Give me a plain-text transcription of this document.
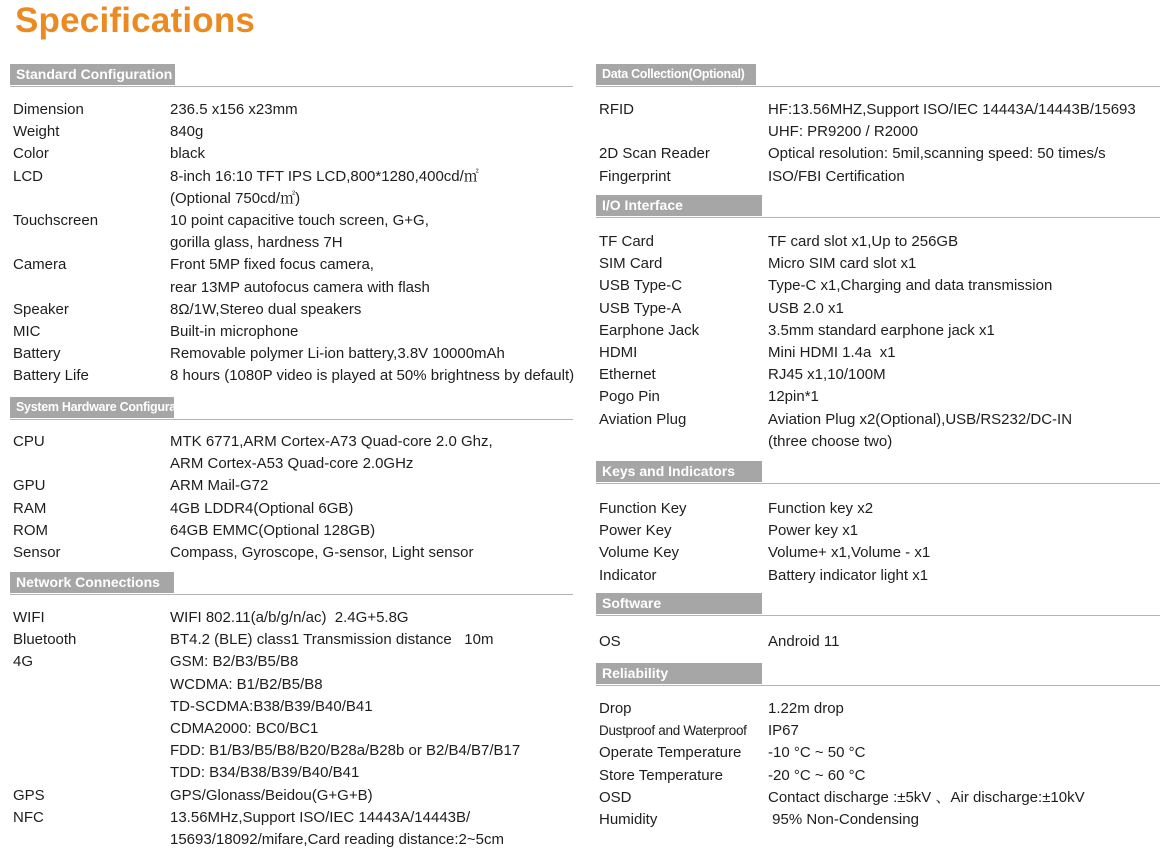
Specifications
Standard Configuration
Dimension	236.5 x156 x23mm
Weight	840g
Color	black
LCD	8-inch 16:10 TFT IPS LCD,800*1280,400cd/㎡
(Optional 750cd/㎡)
Touchscreen	10 point capacitive touch screen, G+G,
gorilla glass, hardness 7H
Camera	Front 5MP fixed focus camera,
rear 13MP autofocus camera with flash
Speaker	8Ω/1W,Stereo dual speakers
MIC	Built-in microphone
Battery	Removable polymer Li-ion battery,3.8V 10000mAh
Battery Life	8 hours (1080P video is played at 50% brightness by default)
System Hardware Configuration
CPU	MTK 6771,ARM Cortex-A73 Quad-core 2.0 Ghz,
ARM Cortex-A53 Quad-core 2.0GHz
GPU	ARM Mail-G72
RAM	4GB LDDR4(Optional 6GB)
ROM	64GB EMMC(Optional 128GB)
Sensor	Compass, Gyroscope, G-sensor, Light sensor
Network Connections
WIFI	WIFI 802.11(a/b/g/n/ac)  2.4G+5.8G
Bluetooth	BT4.2 (BLE) class1 Transmission distance   10m
4G	GSM: B2/B3/B5/B8
WCDMA: B1/B2/B5/B8
TD-SCDMA:B38/B39/B40/B41
CDMA2000: BC0/BC1
FDD: B1/B3/B5/B8/B20/B28a/B28b or B2/B4/B7/B17
TDD: B34/B38/B39/B40/B41
GPS	GPS/Glonass/Beidou(G+G+B)
NFC	13.56MHz,Support ISO/IEC 14443A/14443B/
15693/18092/mifare,Card reading distance:2~5cm
Data Collection(Optional)
RFID	HF:13.56MHZ,Support ISO/IEC 14443A/14443B/15693
UHF: PR9200 / R2000
2D Scan Reader	Optical resolution: 5mil,scanning speed: 50 times/s
Fingerprint	ISO/FBI Certification
I/O Interface
TF Card	TF card slot x1,Up to 256GB
SIM Card	Micro SIM card slot x1
USB Type-C	Type-C x1,Charging and data transmission
USB Type-A	USB 2.0 x1
Earphone Jack	3.5mm standard earphone jack x1
HDMI	Mini HDMI 1.4a  x1
Ethernet	RJ45 x1,10/100M
Pogo Pin	12pin*1
Aviation Plug	Aviation Plug x2(Optional),USB/RS232/DC-IN
(three choose two)
Keys and Indicators
Function Key	Function key x2
Power Key	Power key x1
Volume Key	Volume+ x1,Volume - x1
Indicator	Battery indicator light x1
Software
OS	Android 11
Reliability
Drop	1.22m drop
Dustproof and Waterproof IP67
Operate Temperature -10 °C ~ 50 °C
Store Temperature	-20 °C ~ 60 °C
OSD	Contact discharge :±5kV 、Air discharge:±10kV
Humidity	95% Non-Condensing
